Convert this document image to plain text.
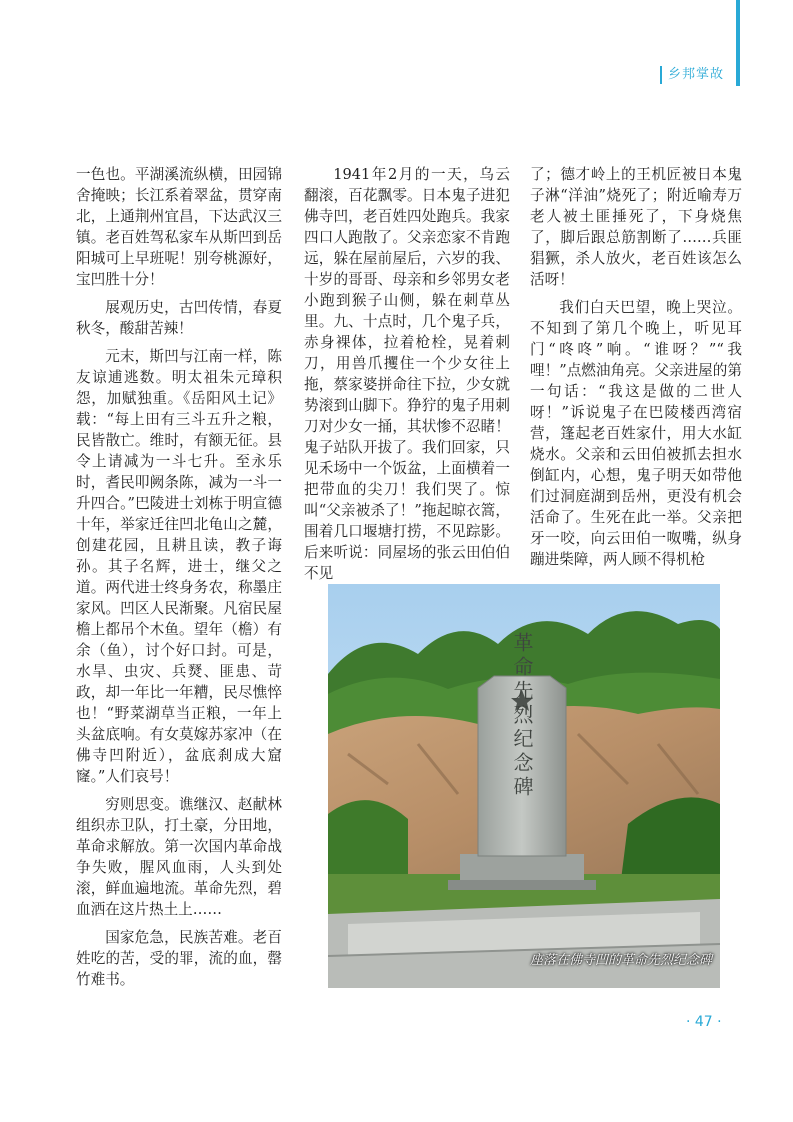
乡邦掌故

一色也。平湖溪流纵横，田园锦舍掩映；长江系着翠盆，贯穿南北，上通荆州宜昌，下达武汉三镇。老百姓驾私家车从斯凹到岳阳城可上早班呢！别夸桃源好，宝凹胜十分！

展观历史，古凹传情，春夏秋冬，酸甜苦辣！

元末，斯凹与江南一样，陈友谅逋逃数。明太祖朱元璋积怨，加赋独重。《岳阳风土记》载：“每上田有三斗五升之粮，民皆散亡。维时，有额无征。县令上请减为一斗七升。至永乐时，耆民叩阙条陈，减为一斗一升四合。”巴陵进士刘栋于明宣德十年，举家迁往凹北龟山之麓，创建花园，且耕且读，教子诲孙。其子名辉，进士，继父之道。两代进士终身务农，称墨庄家风。凹区人民渐聚。凡宿民屋檐上都吊个木鱼。望年（檐）有余（鱼），讨个好口封。可是，水旱、虫灾、兵燹、匪患、苛政，却一年比一年糟，民尽憔悴也！“野菜湖草当正粮，一年上头盆底响。有女莫嫁苏家冲（在佛寺凹附近），盆底刹成大窟窿。”人们哀号！

穷则思变。谯继汉、赵献林组织赤卫队，打土豪，分田地，革命求解放。第一次国内革命战争失败，腥风血雨，人头到处滚，鲜血遍地流。革命先烈，碧血洒在这片热土上……

国家危急，民族苦难。老百姓吃的苦，受的罪，流的血，罄竹难书。

1941年2月的一天，乌云翻滚，百花飘零。日本鬼子进犯佛寺凹，老百姓四处跑兵。我家四口人跑散了。父亲恋家不肯跑远，躲在屋前屋后，六岁的我、十岁的哥哥、母亲和乡邻男女老小跑到猴子山侧，躲在刺草丛里。九、十点时，几个鬼子兵，赤身裸体，拉着枪栓，晃着刺刀，用兽爪攫住一个少女往上拖，蔡家婆拼命往下拉，少女就势滚到山脚下。狰狞的鬼子用刺刀对少女一捅，其状惨不忍睹！鬼子站队开拔了。我们回家，只见禾场中一个饭盆，上面横着一把带血的尖刀！我们哭了。惊叫“父亲被杀了！”拖起晾衣篙，围着几口堰塘打捞，不见踪影。后来听说：同屋场的张云田伯伯不见

了；德才岭上的王机匠被日本鬼子淋“洋油”烧死了；附近喻寿万老人被土匪捶死了，下身烧焦了，脚后跟总筋割断了……兵匪猖獗，杀人放火，老百姓该怎么活呀！

我们白天巴望，晚上哭泣。不知到了第几个晚上，听见耳门“咚咚”响。“谁呀？”“我哩！”点燃油角亮。父亲进屋的第一句话：“我这是做的二世人呀！”诉说鬼子在巴陵楼西湾宿营，篷起老百姓家什，用大水缸烧水。父亲和云田伯被抓去担水倒缸内，心想，鬼子明天如带他们过洞庭湖到岳州，更没有机会活命了。生死在此一举。父亲把牙一咬，向云田伯一呶嘴，纵身蹦进柴障，两人顾不得机枪

革命先烈纪念碑
座落在佛寺凹的革命先烈纪念碑
· 47 ·
